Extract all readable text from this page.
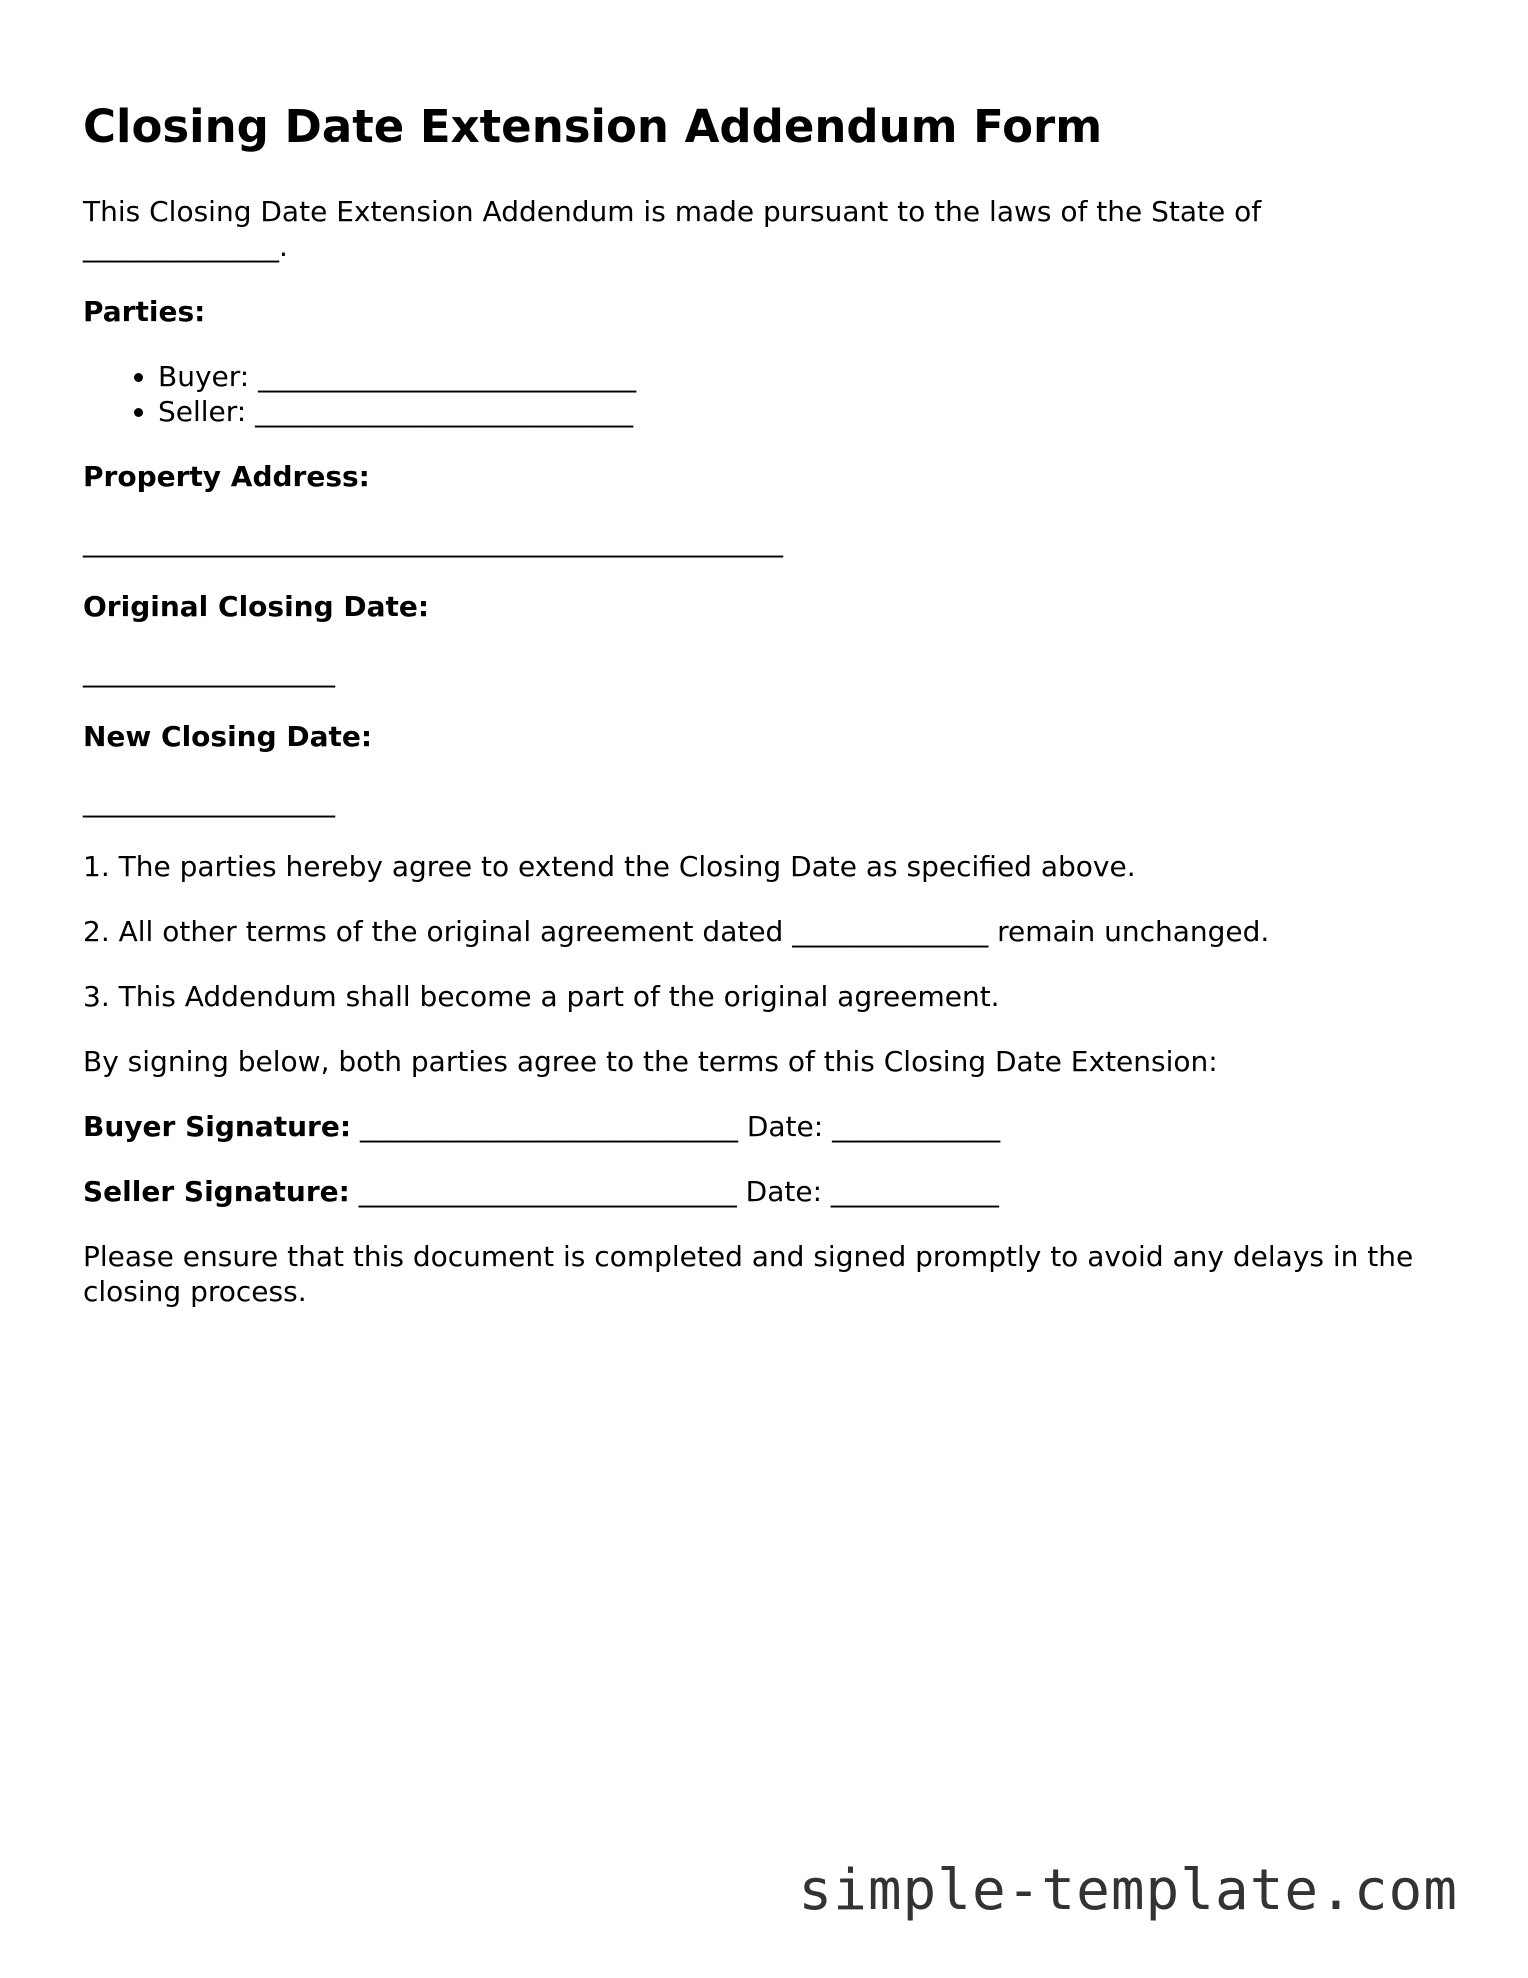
Closing Date Extension Addendum Form

This Closing Date Extension Addendum is made pursuant to the laws of the State of
______________.

Parties:
• Buyer: ___________________________
• Seller: ___________________________
Property Address:
__________________________________________________
Original Closing Date:
__________________
New Closing Date:
__________________

1. The parties hereby agree to extend the Closing Date as specified above.

2. All other terms of the original agreement dated ______________ remain unchanged.

3. This Addendum shall become a part of the original agreement.

By signing below, both parties agree to the terms of this Closing Date Extension:

Buyer Signature: ___________________________ Date: ____________

Seller Signature: ___________________________ Date: ____________

Please ensure that this document is completed and signed promptly to avoid any delays in the closing process.

simple-template.com
